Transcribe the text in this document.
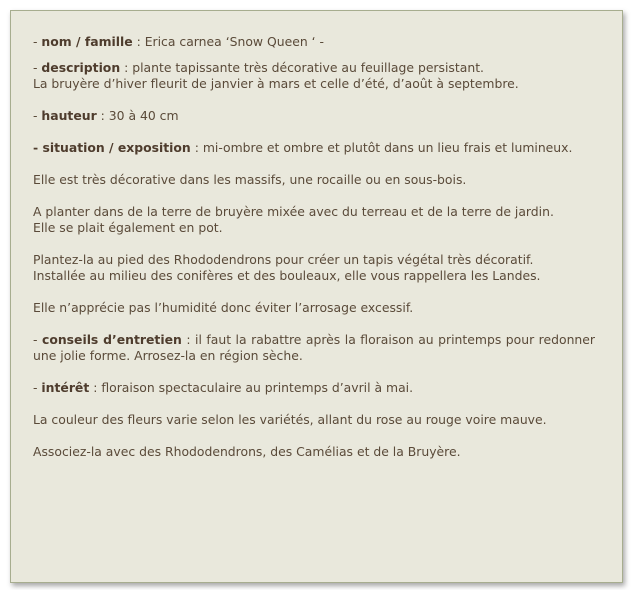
- nom / famille : Erica carnea ‘Snow Queen ‘ -

- description : plante tapissante très décorative au feuillage persistant.
La bruyère d’hiver fleurit de janvier à mars et celle d’été, d’août à septembre.

- hauteur : 30 à 40 cm

- situation / exposition : mi-ombre et ombre et plutôt dans un lieu frais et lumineux.

Elle est très décorative dans les massifs, une rocaille ou en sous-bois.

A planter dans de la terre de bruyère mixée avec du terreau et de la terre de jardin.
Elle se plait également en pot.

Plantez-la au pied des Rhododendrons pour créer un tapis végétal très décoratif.
Installée au milieu des conifères et des bouleaux, elle vous rappellera les Landes.

Elle n’apprécie pas l’humidité donc éviter l’arrosage excessif.

- conseils d’entretien : il faut la rabattre après la floraison au printemps pour redonner une jolie forme. Arrosez-la en région sèche.

- intérêt : floraison spectaculaire au printemps d’avril à mai.

La couleur des fleurs varie selon les variétés, allant du rose au rouge voire mauve.

Associez-la avec des Rhododendrons, des Camélias et de la Bruyère.
